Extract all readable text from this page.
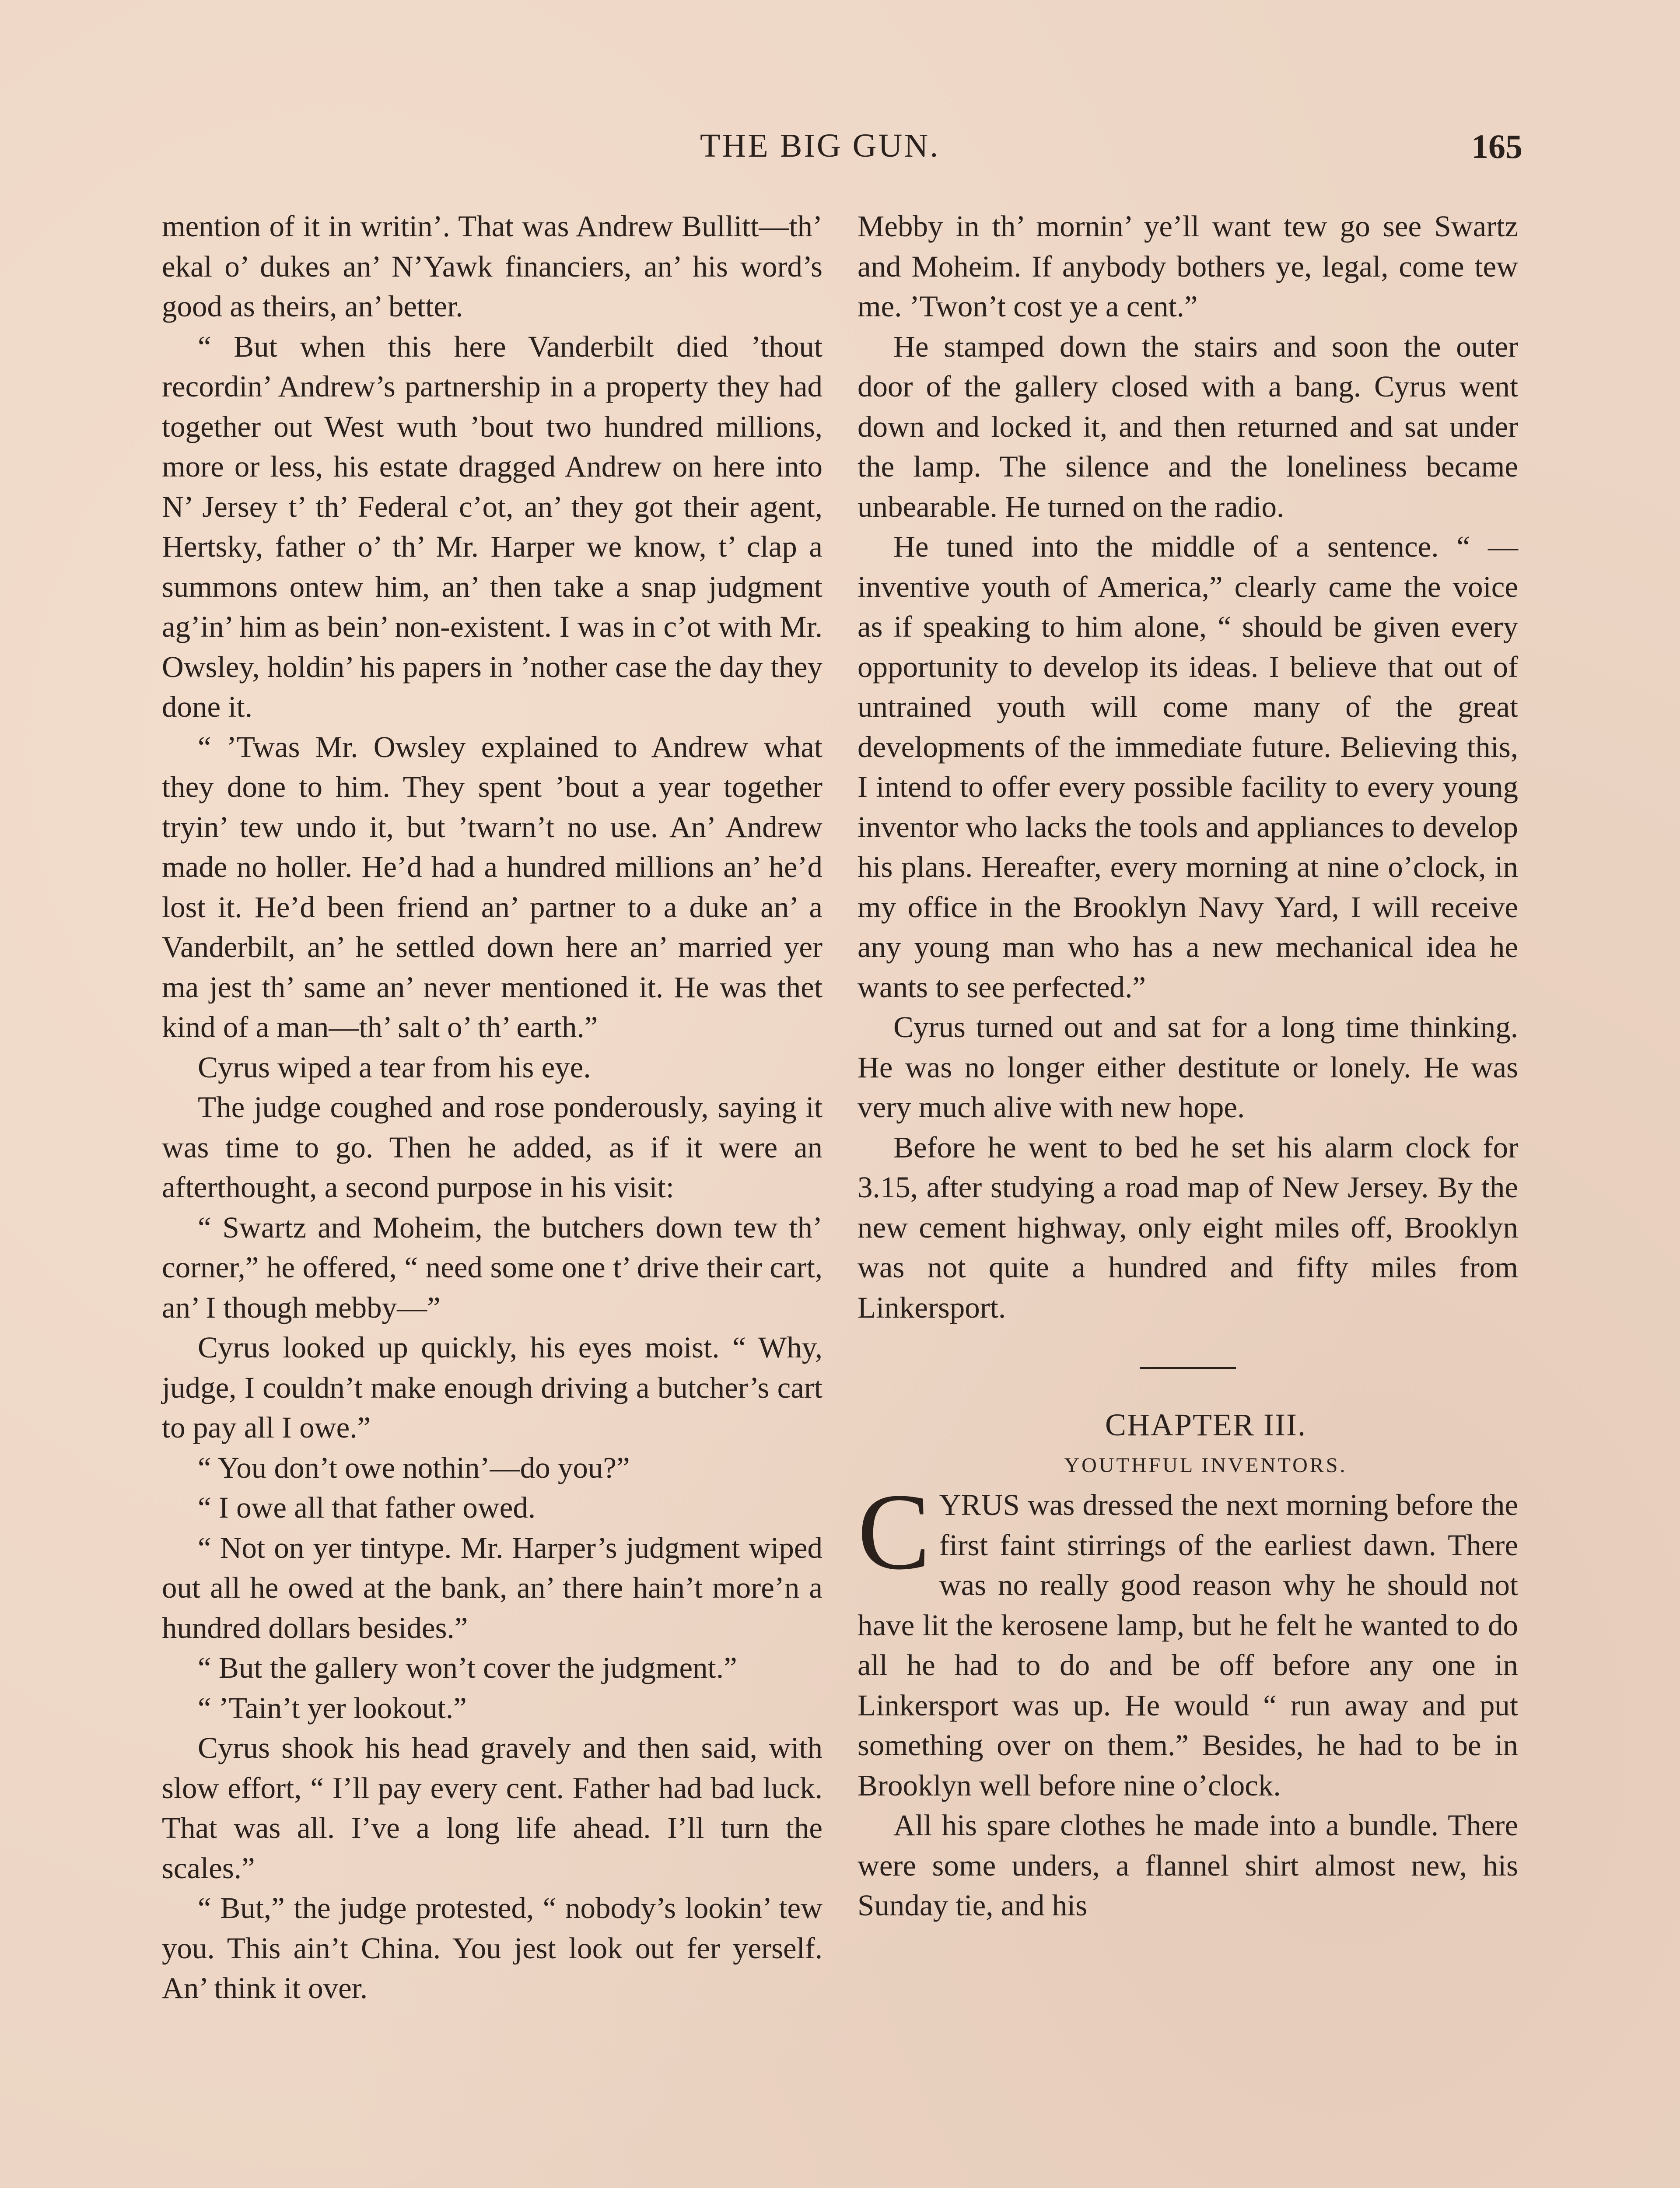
THE BIG GUN.	165

mention of it in writin’. That was Andrew Bullitt—th’ ekal o’ dukes an’ N’Yawk financiers, an’ his word’s good as theirs, an’ better.

“ But when this here Vanderbilt died ’thout recordin’ Andrew’s partnership in a property they had together out West wuth ’bout two hundred millions, more or less, his estate dragged Andrew on here into N’ Jersey t’ th’ Federal c’ot, an’ they got their agent, Hertsky, father o’ th’ Mr. Harper we know, t’ clap a summons ontew him, an’ then take a snap judgment ag’in’ him as bein’ non-existent. I was in c’ot with Mr. Owsley, holdin’ his papers in ’nother case the day they done it.

“ ’Twas Mr. Owsley explained to Andrew what they done to him. They spent ’bout a year together tryin’ tew undo it, but ’twarn’t no use. An’ Andrew made no holler. He’d had a hundred millions an’ he’d lost it. He’d been friend an’ partner to a duke an’ a Vanderbilt, an’ he settled down here an’ married yer ma jest th’ same an’ never mentioned it. He was thet kind of a man—th’ salt o’ th’ earth.”

Cyrus wiped a tear from his eye.

The judge coughed and rose ponderously, saying it was time to go. Then he added, as if it were an afterthought, a second purpose in his visit:

“ Swartz and Moheim, the butchers down tew th’ corner,” he offered, “ need some one t’ drive their cart, an’ I though mebby—”

Cyrus looked up quickly, his eyes moist. “ Why, judge, I couldn’t make enough driving a butcher’s cart to pay all I owe.”

“ You don’t owe nothin’—do you?”

“ I owe all that father owed.

“ Not on yer tintype. Mr. Harper’s judgment wiped out all he owed at the bank, an’ there hain’t more’n a hundred dollars besides.”

“ But the gallery won’t cover the judgment.”

“ ’Tain’t yer lookout.”

Cyrus shook his head gravely and then said, with slow effort, “ I’ll pay every cent. Father had bad luck. That was all. I’ve a long life ahead. I’ll turn the scales.”

“ But,” the judge protested, “ nobody’s lookin’ tew you. This ain’t China. You jest look out fer yerself. An’ think it over.

Mebby in th’ mornin’ ye’ll want tew go see Swartz and Moheim. If anybody bothers ye, legal, come tew me. ’Twon’t cost ye a cent.”

He stamped down the stairs and soon the outer door of the gallery closed with a bang. Cyrus went down and locked it, and then returned and sat under the lamp. The silence and the loneliness became unbearable. He turned on the radio.

He tuned into the middle of a sentence. “ —inventive youth of America,” clearly came the voice as if speaking to him alone, “ should be given every opportunity to develop its ideas. I believe that out of untrained youth will come many of the great developments of the immediate future. Believing this, I intend to offer every possible facility to every young inventor who lacks the tools and appliances to develop his plans. Hereafter, every morning at nine o’clock, in my office in the Brooklyn Navy Yard, I will receive any young man who has a new mechanical idea he wants to see perfected.”

Cyrus turned out and sat for a long time thinking. He was no longer either destitute or lonely. He was very much alive with new hope.

Before he went to bed he set his alarm clock for 3.15, after studying a road map of New Jersey. By the new cement highway, only eight miles off, Brooklyn was not quite a hundred and fifty miles from Linkersport.

CHAPTER III.

YOUTHFUL INVENTORS.

CYRUS was dressed the next morning before the first faint stirrings of the earliest dawn. There was no really good reason why he should not have lit the kerosene lamp, but he felt he wanted to do all he had to do and be off before any one in Linkersport was up. He would “ run away and put something over on them.” Besides, he had to be in Brooklyn well before nine o’clock.

All his spare clothes he made into a bundle. There were some unders, a flannel shirt almost new, his Sunday tie, and his
